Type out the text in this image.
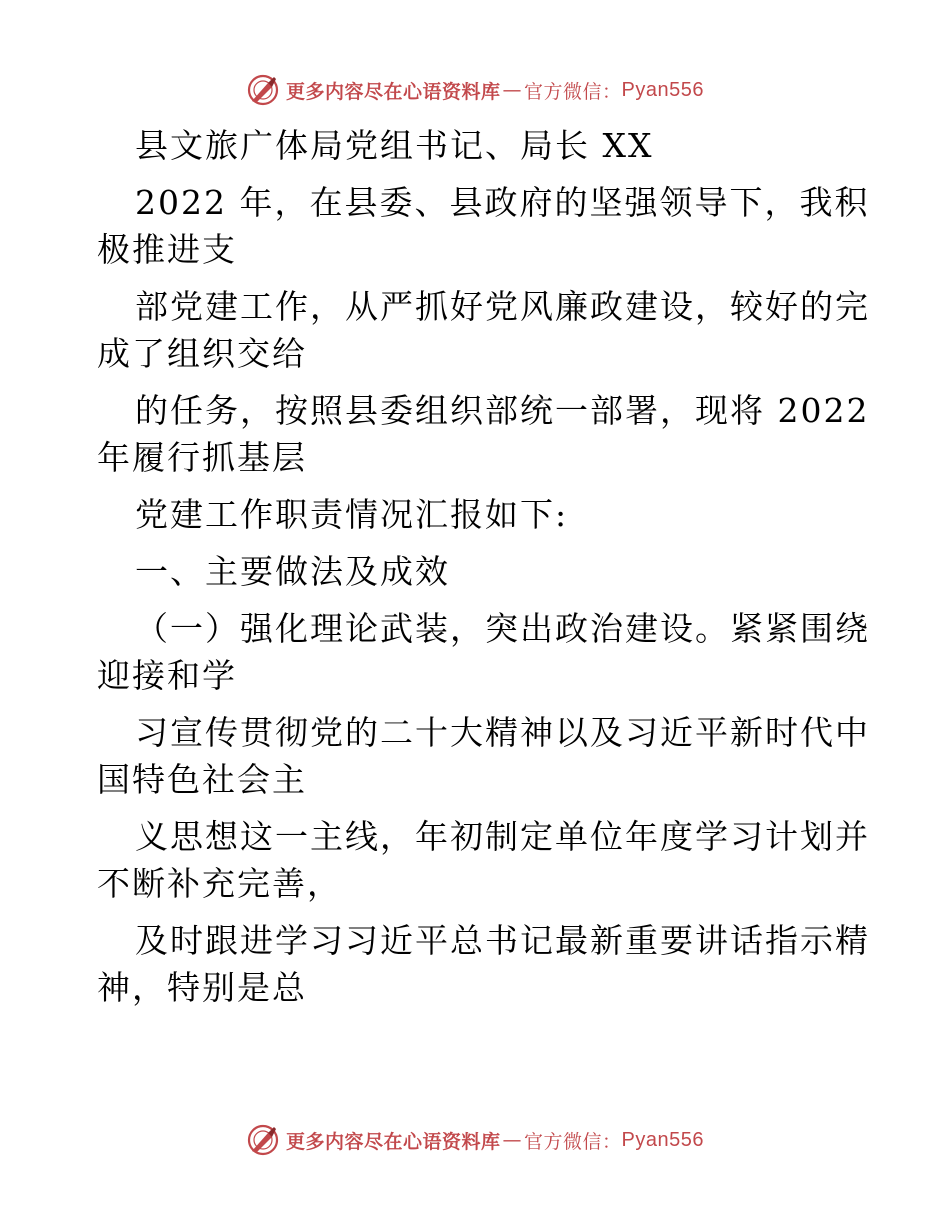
更多内容尽在心语资料库 — 官方微信： Pyan556
县文旅广体局党组书记、局长 XX
2022 年，在县委、县政府的坚强领导下，我积
极推进支
部党建工作，从严抓好党风廉政建设，较好的完
成了组织交给
的任务，按照县委组织部统一部署，现将 2022
年履行抓基层
党建工作职责情况汇报如下:
一、主要做法及成效
（一）强化理论武装，突出政治建设。紧紧围绕
迎接和学
习宣传贯彻党的二十大精神以及习近平新时代中
国特色社会主
义思想这一主线，年初制定单位年度学习计划并
不断补充完善，
及时跟进学习习近平总书记最新重要讲话指示精
神，特别是总
更多内容尽在心语资料库 — 官方微信： Pyan556
